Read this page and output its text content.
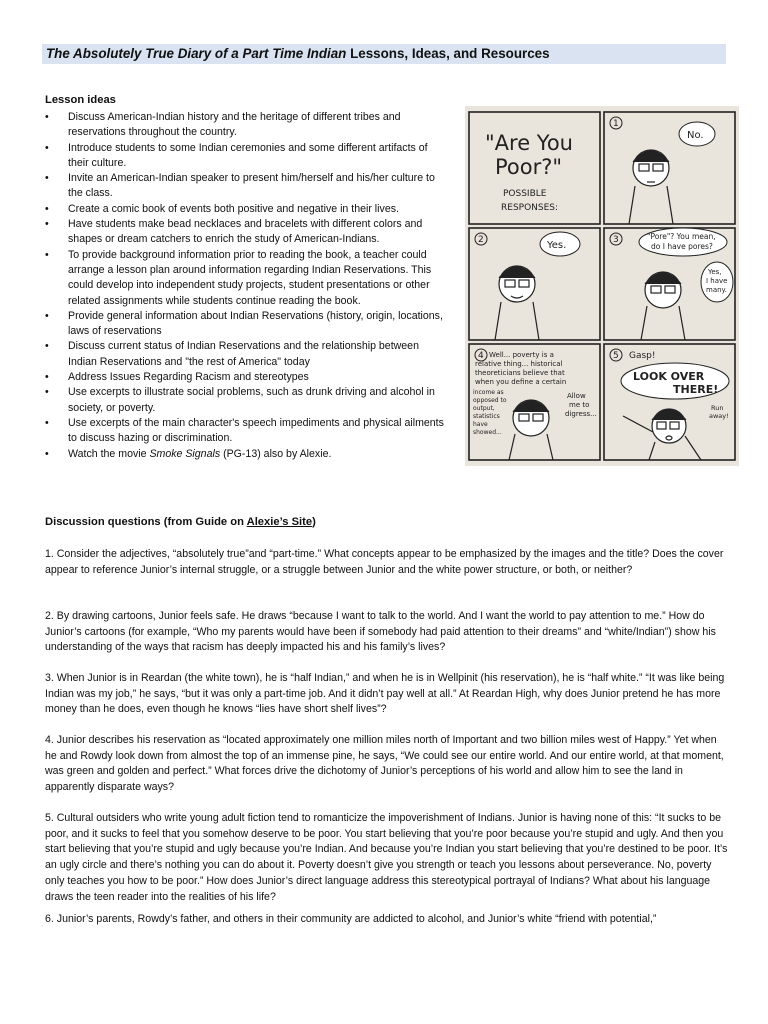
The Absolutely True Diary of a Part Time Indian Lessons, Ideas, and Resources
Lesson ideas
• Discuss American-Indian history and the heritage of different tribes and reservations throughout the country.
• Introduce students to some Indian ceremonies and some different artifacts of their culture.
• Invite an American-Indian speaker to present him/herself and his/her culture to the class.
• Create a comic book of events both positive and negative in their lives.
• Have students make bead necklaces and bracelets with different colors and shapes or dream catchers to enrich the study of American-Indians.
• To provide background information prior to reading the book, a teacher could arrange a lesson plan around information regarding Indian Reservations. This could develop into independent study projects, student presentations or other related assignments while students continue reading the book.
• Provide general information about Indian Reservations (history, origin, locations, laws of reservations
• Discuss current status of Indian Reservations and the relationship between Indian Reservations and "the rest of America" today
• Address Issues Regarding Racism and stereotypes
• Use excerpts to illustrate social problems, such as drunk driving and alcohol in society, or poverty.
• Use excerpts of the main character's speech impediments and physical ailments to discuss hazing or discrimination.
• Watch the movie Smoke Signals (PG-13) also by Alexie.
"Are You
Poor?"
POSSIBLE
RESPONSES:
1
2	3
4	5
No.
Yes.
"Pore"? You mean,
do I have pores?
Yes,
I have
many.
Well... poverty is a
relative thing... historical
theoreticians believe that
when you define a certain
income as
opposed to
output,
statistics
have
showed...
Allow
me to
digress...
Gasp!
LOOK OVER
THERE!
Run
away!
Discussion questions (from Guide on Alexie’s Site)

1. Consider the adjectives, “absolutely true”and “part-time.” What concepts appear to be emphasized by the images and the title? Does the cover appear to reference Junior’s internal struggle, or a struggle between Junior and the white power structure, or both, or neither?

2. By drawing cartoons, Junior feels safe. He draws “because I want to talk to the world. And I want the world to pay attention to me.” How do Junior’s cartoons (for example, “Who my parents would have been if somebody had paid attention to their dreams” and “white/Indian”) show his understanding of the ways that racism has deeply impacted his and his family’s lives?

3. When Junior is in Reardan (the white town), he is “half Indian,” and when he is in Wellpinit (his reservation), he is “half white.” “It was like being Indian was my job,” he says, “but it was only a part-time job. And it didn’t pay well at all.” At Reardan High, why does Junior pretend he has more money than he does, even though he knows “lies have short shelf lives”?

4. Junior describes his reservation as “located approximately one million miles north of Important and two billion miles west of Happy.” Yet when he and Rowdy look down from almost the top of an immense pine, he says, “We could see our entire world. And our entire world, at that moment, was green and golden and perfect.” What forces drive the dichotomy of Junior’s perceptions of his world and allow him to see the land in apparently disparate ways?

5. Cultural outsiders who write young adult fiction tend to romanticize the impoverishment of Indians. Junior is having none of this: “It sucks to be poor, and it sucks to feel that you somehow deserve to be poor. You start believing that you’re poor because you’re stupid and ugly. And then you start believing that you’re stupid and ugly because you’re Indian. And because you’re Indian you start believing that you’re destined to be poor. It’s an ugly circle and there’s nothing you can do about it. Poverty doesn’t give you strength or teach you lessons about perseverance. No, poverty only teaches you how to be poor.” How does Junior’s direct language address this stereotypical portrayal of Indians? What about his language draws the teen reader into the realities of his life?

6. Junior’s parents, Rowdy’s father, and others in their community are addicted to alcohol, and Junior’s white “friend with potential,”
